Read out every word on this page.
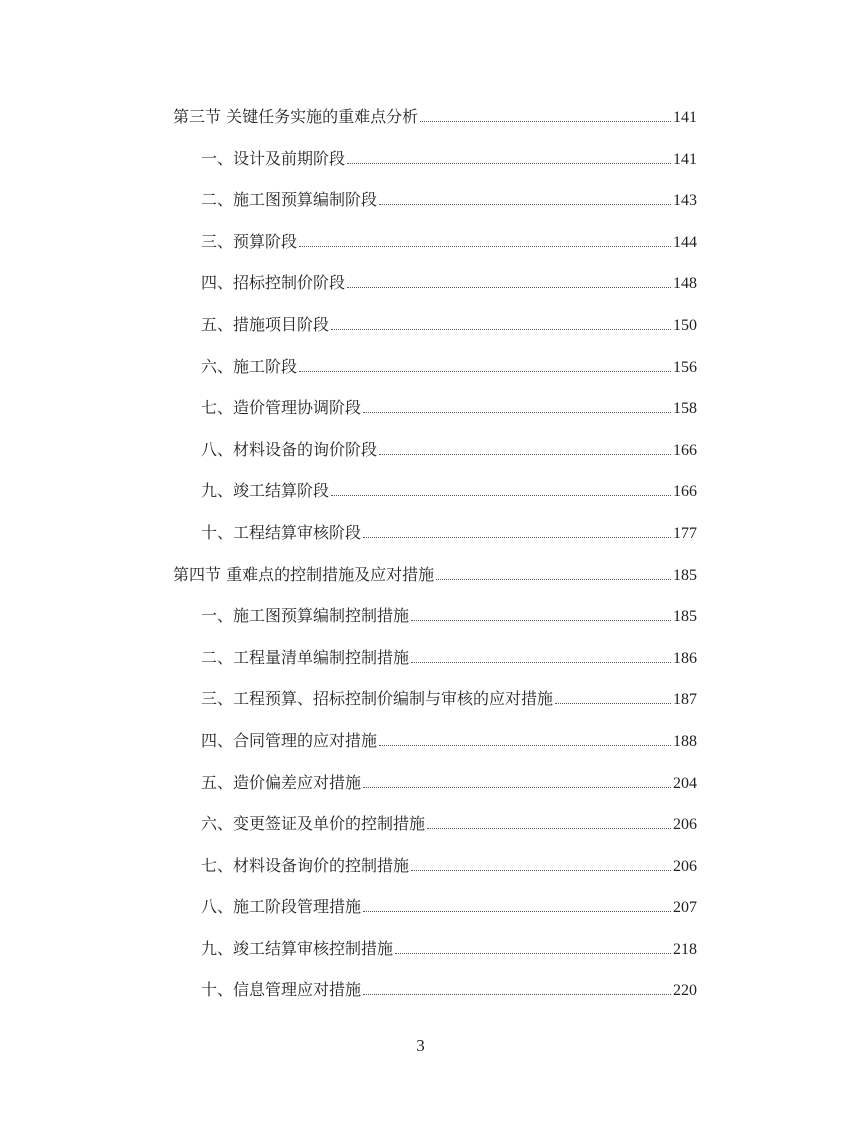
第三节 关键任务实施的重难点分析	141
一、设计及前期阶段	141
二、施工图预算编制阶段	143
三、预算阶段	144
四、招标控制价阶段	148
五、措施项目阶段	150
六、施工阶段	156
七、造价管理协调阶段	158
八、材料设备的询价阶段	166
九、竣工结算阶段	166
十、工程结算审核阶段	177
第四节 重难点的控制措施及应对措施	185
一、施工图预算编制控制措施	185
二、工程量清单编制控制措施	186
三、工程预算、招标控制价编制与审核的应对措施	187
四、合同管理的应对措施	188
五、造价偏差应对措施	204
六、变更签证及单价的控制措施	206
七、材料设备询价的控制措施	206
八、施工阶段管理措施	207
九、竣工结算审核控制措施	218
十、信息管理应对措施	220
3
